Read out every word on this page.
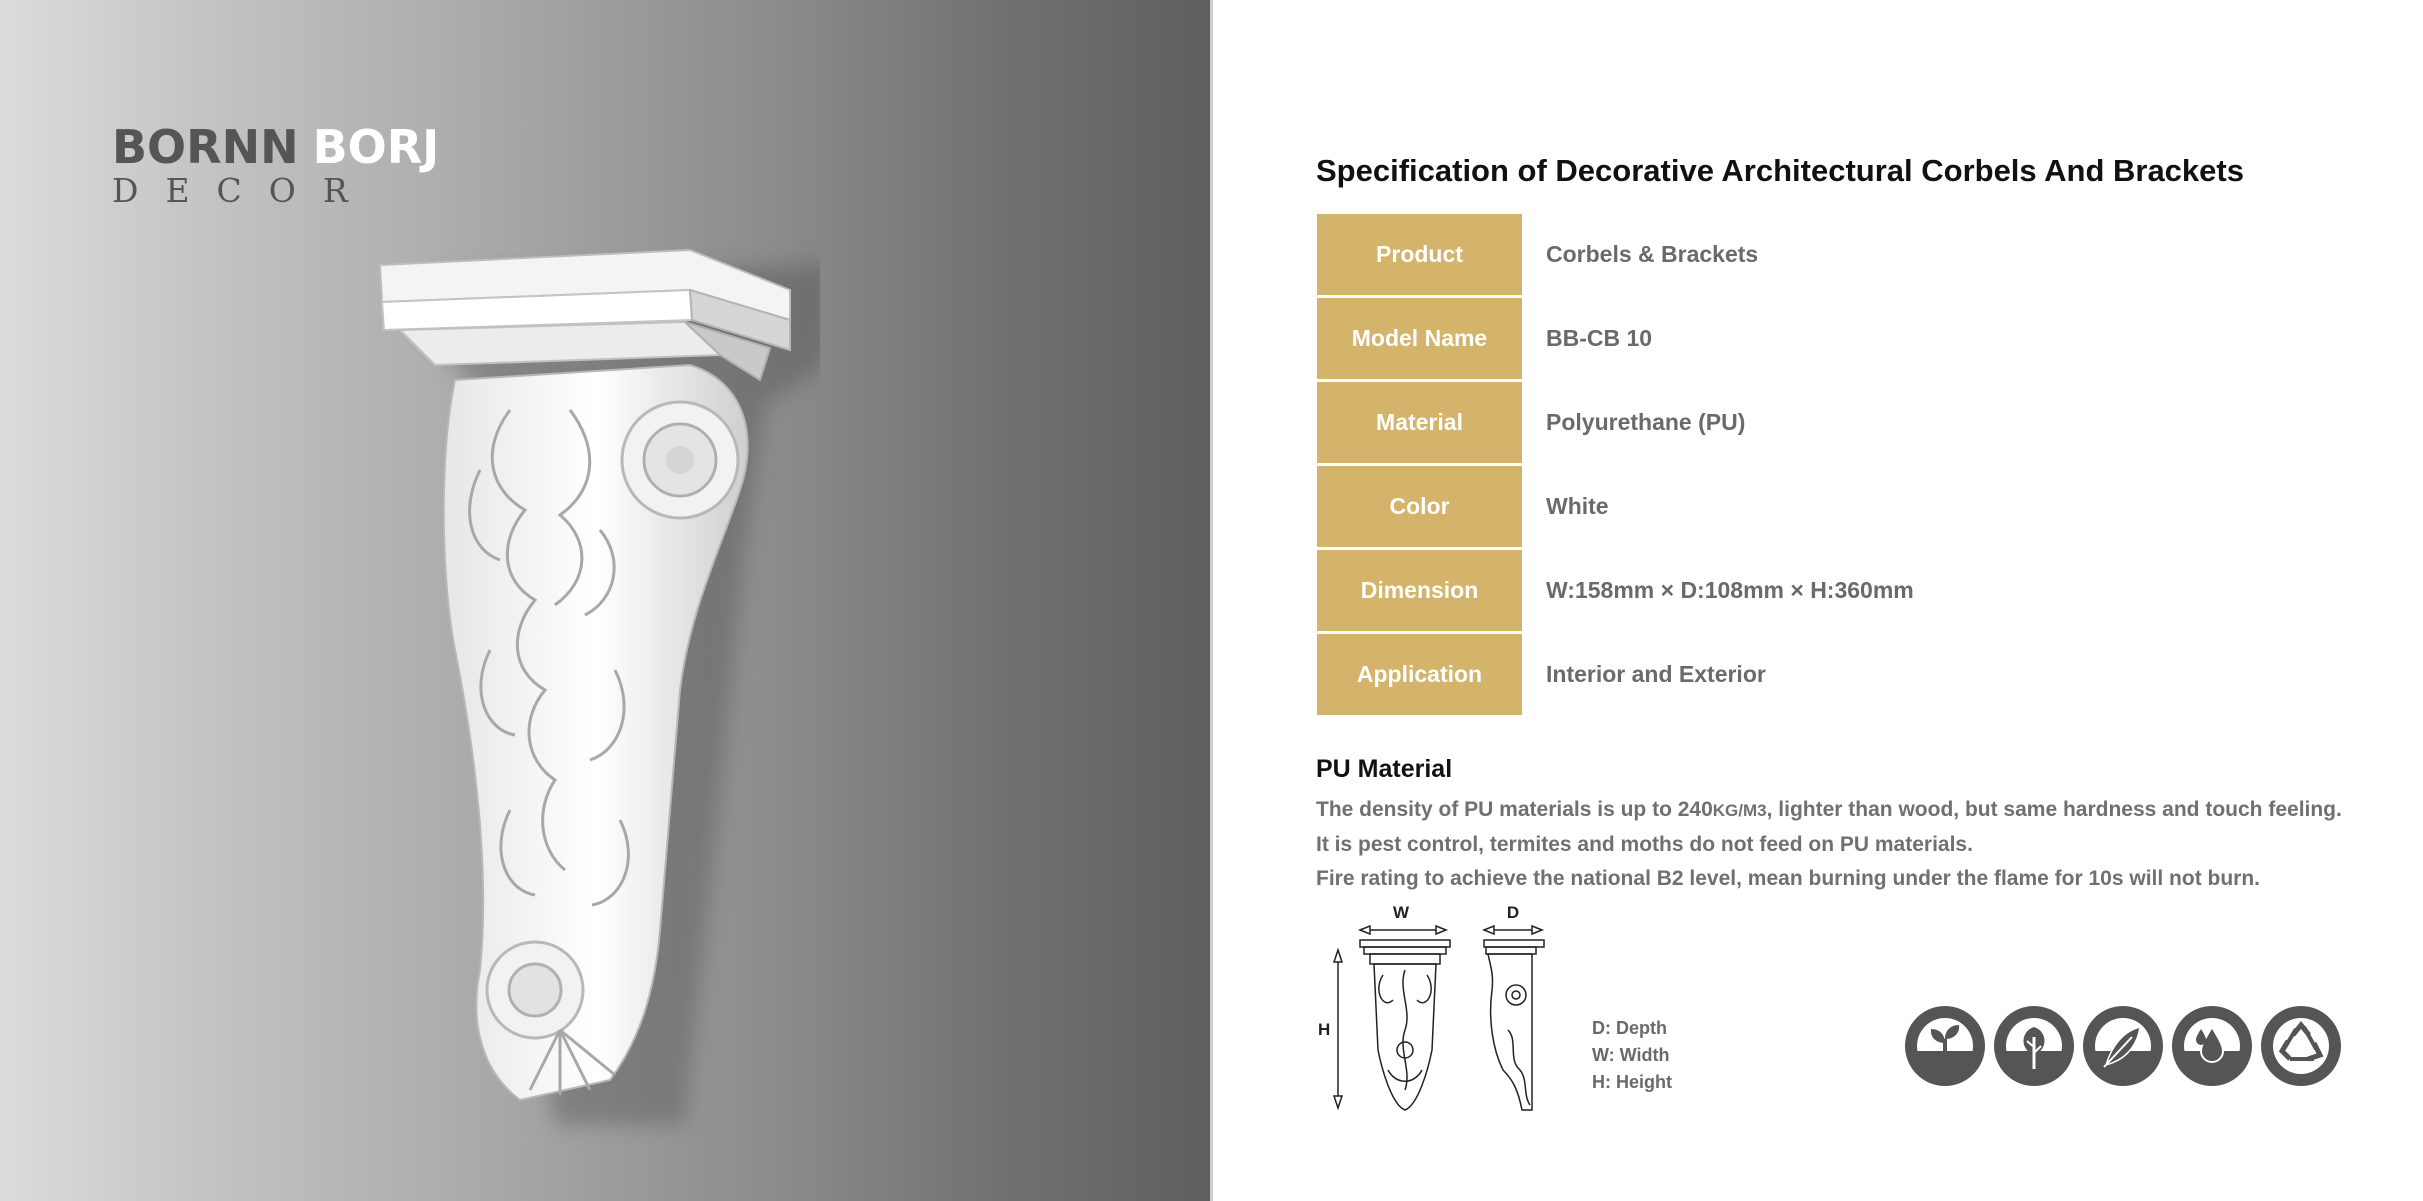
BORNN BORJ
DECOR
Specification of Decorative Architectural Corbels And Brackets
Product	Corbels & Brackets
Model Name	BB-CB 10
Material	Polyurethane (PU)
Color	White
Dimension	W:158mm × D:108mm × H:360mm
Application	Interior and Exterior
PU Material
The density of PU materials is up to 240KG/M3, lighter than wood, but same hardness and touch feeling.
It is pest control, termites and moths do not feed on PU materials.
Fire rating to achieve the national B2 level, mean burning under the flame for 10s will not burn.
W	D
H	D: Depth
W: Width
H: Height
